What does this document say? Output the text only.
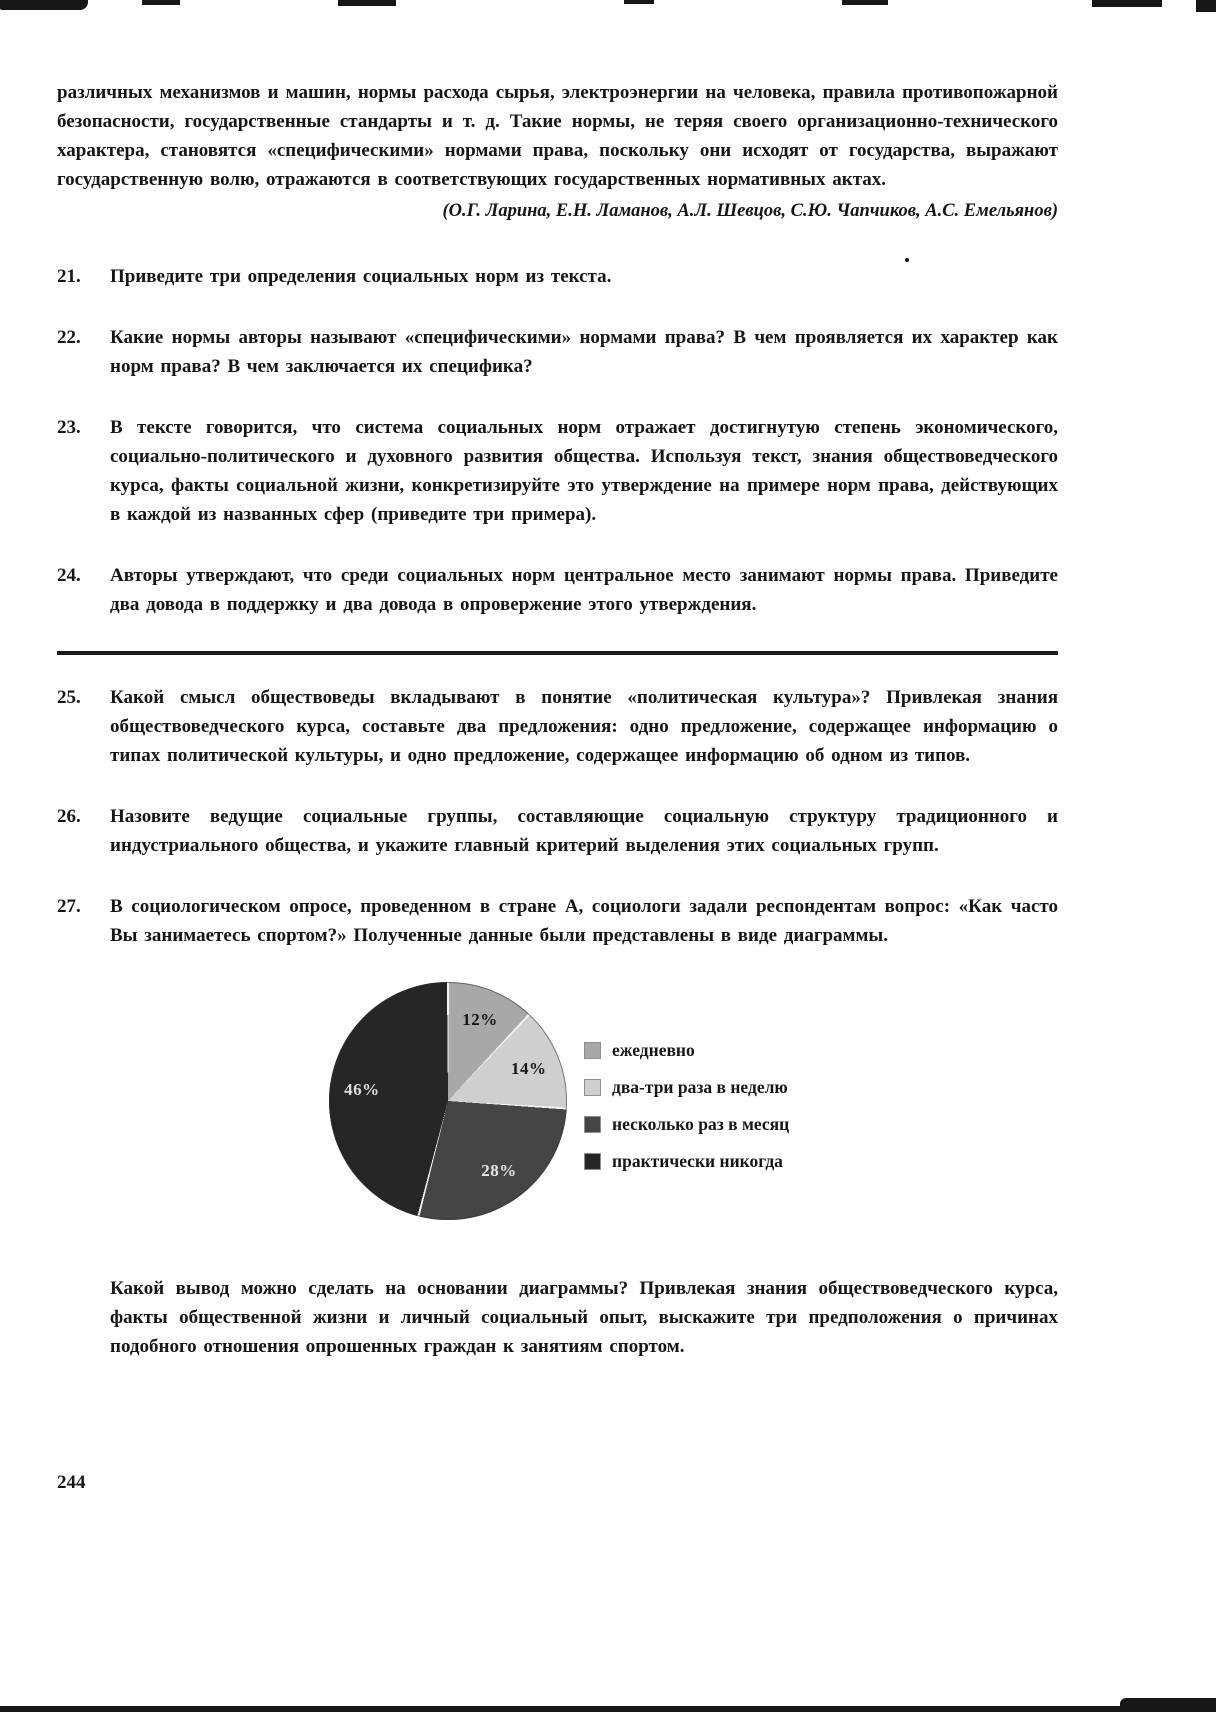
различных механизмов и машин, нормы расхода сырья, электроэнергии на человека, правила противопожарной безопасности, государственные стандарты и т. д. Такие нормы, не теряя своего организационно-технического характера, становятся «специфическими» нормами права, поскольку они исходят от государства, выражают государственную волю, отражаются в соответствующих государственных нормативных актах.

(О.Г. Ларина, Е.Н. Ламанов, А.Л. Шевцов, С.Ю. Чапчиков, А.С. Емельянов)

21.	Приведите три определения социальных норм из текста.
22.	Какие нормы авторы называют «специфическими» нормами права? В чем проявляется их характер как норм права? В чем заключается их специфика?
23.	В тексте говорится, что система социальных норм отражает достигнутую степень экономического, социально-политического и духовного развития общества. Используя текст, знания обществоведческого курса, факты социальной жизни, конкретизируйте это утверждение на примере норм права, действующих в каждой из названных сфер (приведите три примера).
24.	Авторы утверждают, что среди социальных норм центральное место занимают нормы права. Приведите два довода в поддержку и два довода в опровержение этого утверждения.
25.	Какой смысл обществоведы вкладывают в понятие «политическая культура»? Привлекая знания обществоведческого курса, составьте два предложения: одно предложение, содержащее информацию о типах политической культуры, и одно предложение, содержащее информацию об одном из типов.
26.	Назовите ведущие социальные группы, составляющие социальную структуру традиционного и индустриального общества, и укажите главный критерий выделения этих социальных групп.
27.	В социологическом опросе, проведенном в стране А, социологи задали респондентам вопрос: «Как часто Вы занимаетесь спортом?» Полученные данные были представлены в виде диаграммы.
12%
14%
28%
46%
ежедневно
два-три раза в неделю
несколько раз в месяц
практически никогда
Какой вывод можно сделать на основании диаграммы? Привлекая знания обществоведческого курса, факты общественной жизни и личный социальный опыт, выскажите три предположения о причинах подобного отношения опрошенных граждан к занятиям спортом.
244
